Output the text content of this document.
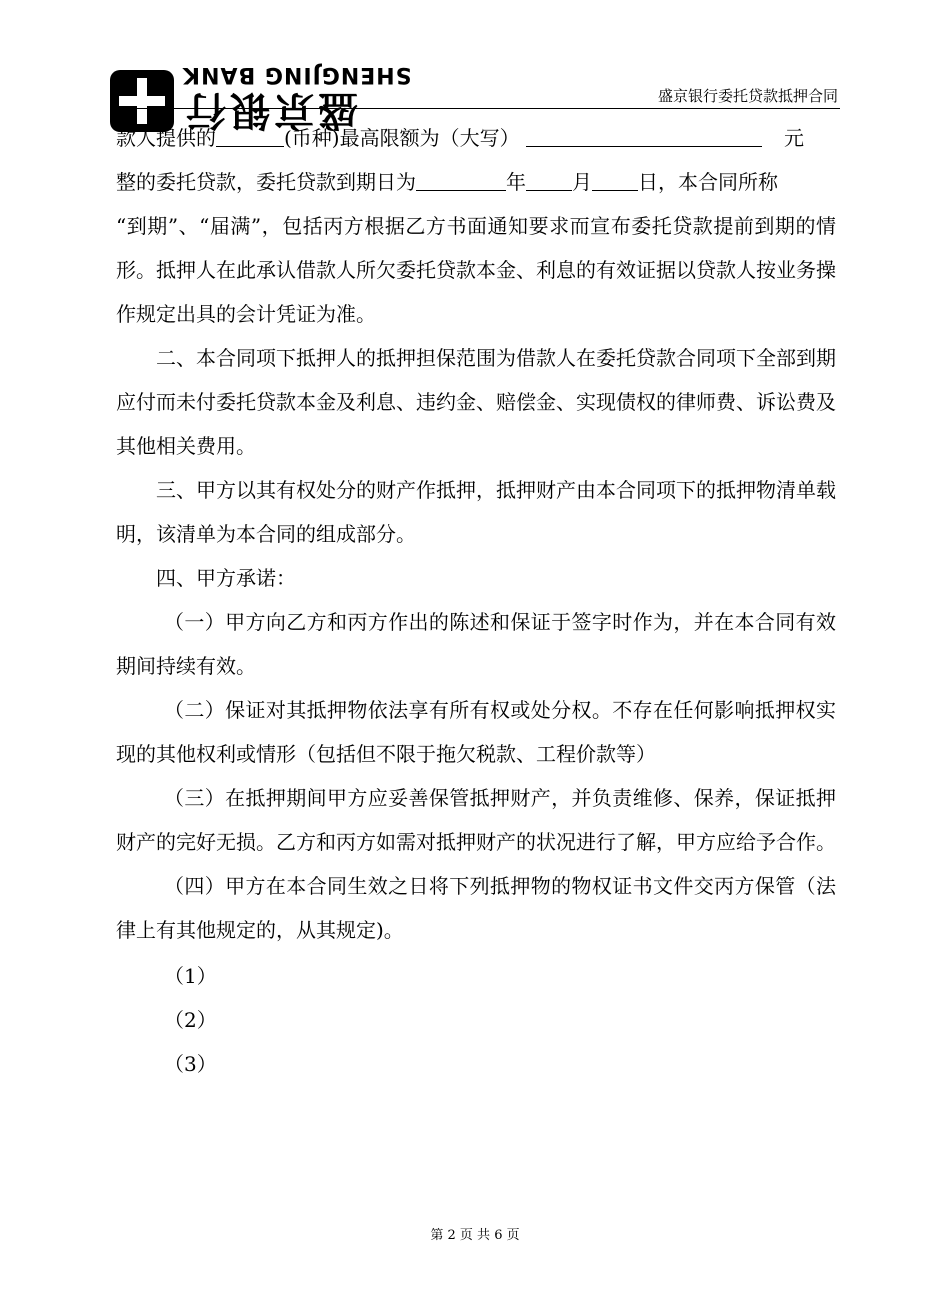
SHENGJING BANK
盛京银行	盛京银行委托贷款抵押合同

款人提供的	(币种)最高限额为（大写）	元

整的委托贷款，委托贷款到期日为	年 月 日，本合同所称

“到期”、“届满”，包括丙方根据乙方书面通知要求而宣布委托贷款提前到期的情形。抵押人在此承认借款人所欠委托贷款本金、利息的有效证据以贷款人按业务操作规定出具的会计凭证为准。

二、本合同项下抵押人的抵押担保范围为借款人在委托贷款合同项下全部到期应付而未付委托贷款本金及利息、违约金、赔偿金、实现债权的律师费、诉讼费及其他相关费用。

三、甲方以其有权处分的财产作抵押，抵押财产由本合同项下的抵押物清单载明，该清单为本合同的组成部分。

四、甲方承诺：

（一）甲方向乙方和丙方作出的陈述和保证于签字时作为，并在本合同有效期间持续有效。

（二）保证对其抵押物依法享有所有权或处分权。不存在任何影响抵押权实现的其他权利或情形（包括但不限于拖欠税款、工程价款等）

（三）在抵押期间甲方应妥善保管抵押财产，并负责维修、保养，保证抵押财产的完好无损。乙方和丙方如需对抵押财产的状况进行了解，甲方应给予合作。

（四）甲方在本合同生效之日将下列抵押物的物权证书文件交丙方保管（法律上有其他规定的，从其规定)。

（1）

（2）

（3）

第 2 页 共 6 页
